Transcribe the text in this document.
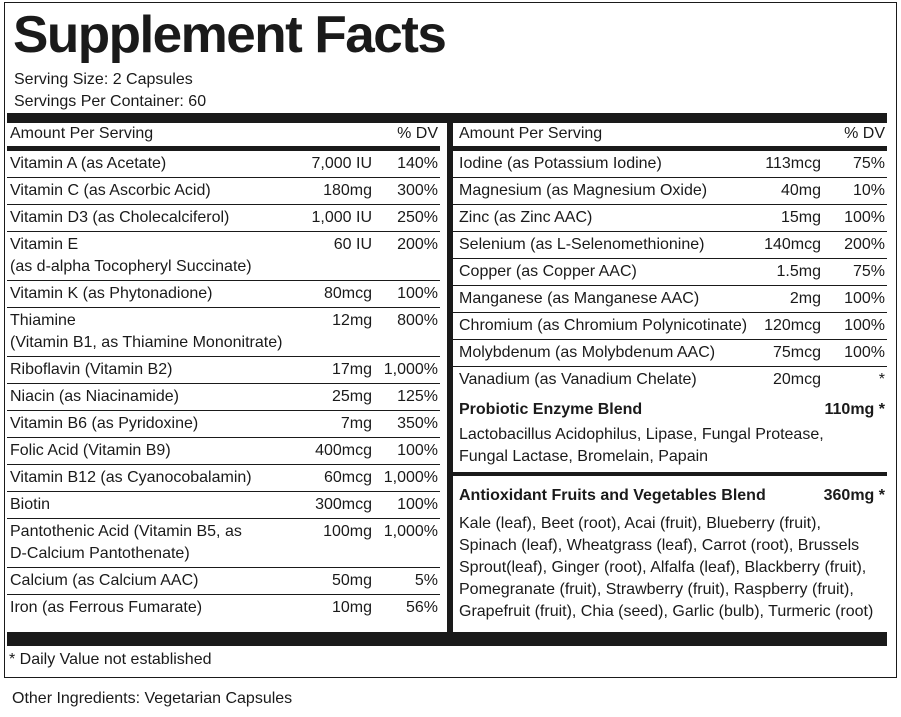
Supplement Facts
Serving Size: 2 Capsules
Servings Per Container: 60
Amount Per Serving	% DV
Vitamin A (as Acetate)	7,000 IU	140%
Vitamin C (as Ascorbic Acid)	180mg	300%
Vitamin D3 (as Cholecalciferol)	1,000 IU	250%
Vitamin E
(as d-alpha Tocopheryl Succinate)
60 IU	200%
Vitamin K (as Phytonadione)	80mcg	100%
Thiamine
(Vitamin B1, as Thiamine Mononitrate)
12mg	800%
Riboflavin (Vitamin B2)	17mg 1,000%
Niacin (as Niacinamide)	25mg	125%
Vitamin B6 (as Pyridoxine)	7mg	350%
Folic Acid (Vitamin B9)	400mcg	100%
Vitamin B12 (as Cyanocobalamin)	60mcg 1,000%
Biotin	300mcg	100%
Pantothenic Acid (Vitamin B5, as
D-Calcium Pantothenate)
100mg 1,000%
Calcium (as Calcium AAC)	50mg	5%
Iron (as Ferrous Fumarate)	10mg	56%
Amount Per Serving	% DV
Iodine (as Potassium Iodine)	113mcg	75%
Magnesium (as Magnesium Oxide)	40mg	10%
Zinc (as Zinc AAC)	15mg	100%
Selenium (as L-Selenomethionine)	140mcg	200%
Copper (as Copper AAC)	1.5mg	75%
Manganese (as Manganese AAC)	2mg	100%
Chromium (as Chromium Polynicotinate)	120mcg	100%
Molybdenum (as Molybdenum AAC)	75mcg	100%
Vanadium (as Vanadium Chelate)	20mcg	*
Probiotic Enzyme Blend	110mg *
Lactobacillus Acidophilus, Lipase, Fungal Protease,
Fungal Lactase, Bromelain, Papain
Antioxidant Fruits and Vegetables Blend	360mg *
Kale (leaf), Beet (root), Acai (fruit), Blueberry (fruit),
Spinach (leaf), Wheatgrass (leaf), Carrot (root), Brussels
Sprout(leaf), Ginger (root), Alfalfa (leaf), Blackberry (fruit),
Pomegranate (fruit), Strawberry (fruit), Raspberry (fruit),
Grapefruit (fruit), Chia (seed), Garlic (bulb), Turmeric (root)
* Daily Value not established
Other Ingredients: Vegetarian Capsules
